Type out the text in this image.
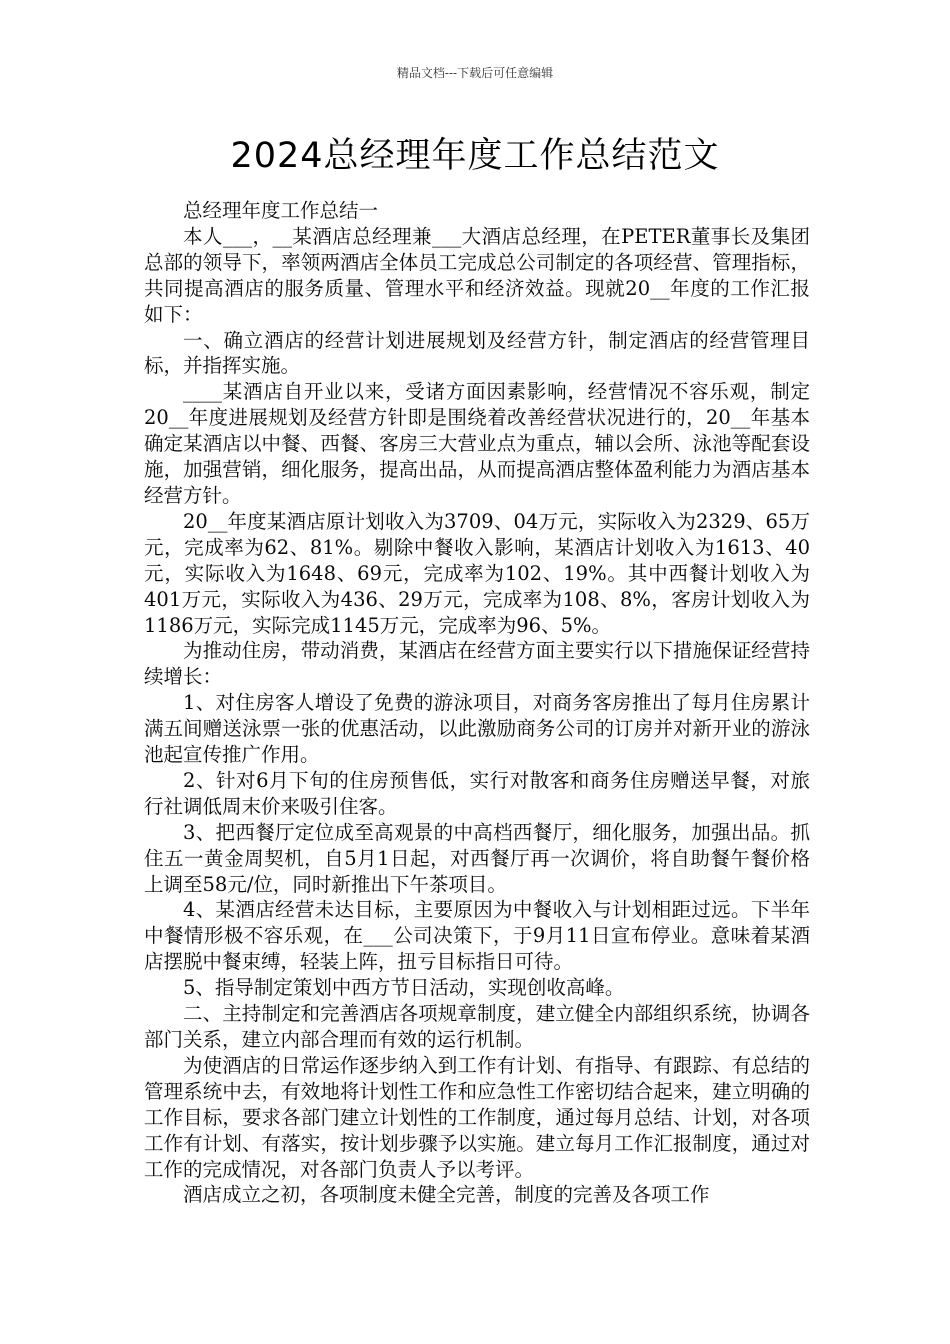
精品文档---下载后可任意编辑
2024总经理年度工作总结范文

总经理年度工作总结一

本人___，__某酒店总经理兼___大酒店总经理，在PETER董事长及集团总部的领导下，率领两酒店全体员工完成总公司制定的各项经营、管理指标，共同提高酒店的服务质量、管理水平和经济效益。现就20__年度的工作汇报如下：

一、确立酒店的经营计划进展规划及经营方针，制定酒店的经营管理目标，并指挥实施。

____某酒店自开业以来，受诸方面因素影响，经营情况不容乐观，制定20__年度进展规划及经营方针即是围绕着改善经营状况进行的，20__年基本确定某酒店以中餐、西餐、客房三大营业点为重点，辅以会所、泳池等配套设施，加强营销，细化服务，提高出品，从而提高酒店整体盈利能力为酒店基本经营方针。

20__年度某酒店原计划收入为3709、04万元，实际收入为2329、65万元，完成率为62、81%。剔除中餐收入影响，某酒店计划收入为1613、40元，实际收入为1648、69元，完成率为102、19%。其中西餐计划收入为401万元，实际收入为436、29万元，完成率为108、8%，客房计划收入为1186万元，实际完成1145万元，完成率为96、5%。

为推动住房，带动消费，某酒店在经营方面主要实行以下措施保证经营持续增长：

1、对住房客人增设了免费的游泳项目，对商务客房推出了每月住房累计满五间赠送泳票一张的优惠活动，以此激励商务公司的订房并对新开业的游泳池起宣传推广作用。

2、针对6月下旬的住房预售低，实行对散客和商务住房赠送早餐，对旅行社调低周末价来吸引住客。

3、把西餐厅定位成至高观景的中高档西餐厅，细化服务，加强出品。抓住五一黄金周契机，自5月1日起，对西餐厅再一次调价，将自助餐午餐价格上调至58元/位，同时新推出下午茶项目。

4、某酒店经营未达目标，主要原因为中餐收入与计划相距过远。下半年中餐情形极不容乐观，在___公司决策下，于9月11日宣布停业。意味着某酒店摆脱中餐束缚，轻装上阵，扭亏目标指日可待。

5、指导制定策划中西方节日活动，实现创收高峰。

二、主持制定和完善酒店各项规章制度，建立健全内部组织系统，协调各部门关系，建立内部合理而有效的运行机制。

为使酒店的日常运作逐步纳入到工作有计划、有指导、有跟踪、有总结的管理系统中去，有效地将计划性工作和应急性工作密切结合起来，建立明确的工作目标，要求各部门建立计划性的工作制度，通过每月总结、计划，对各项工作有计划、有落实，按计划步骤予以实施。建立每月工作汇报制度，通过对工作的完成情况，对各部门负责人予以考评。

酒店成立之初，各项制度未健全完善，制度的完善及各项工作
